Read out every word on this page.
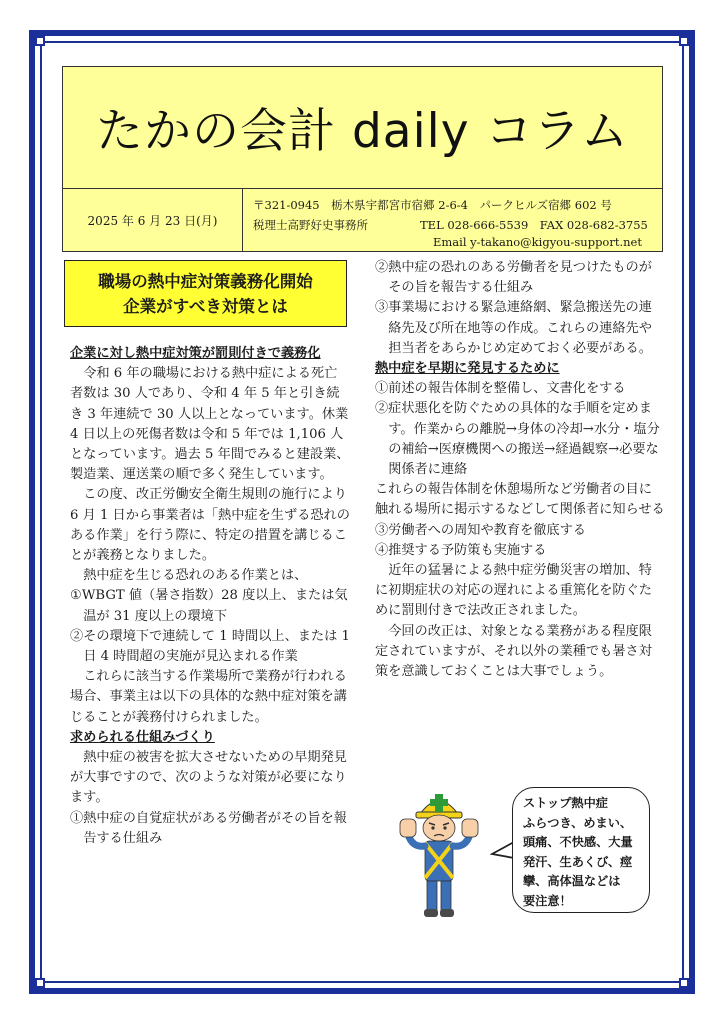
たかの会計 daily コラム
2025 年 6 月 23 日(月)
〒321-0945　栃木県宇都宮市宿郷 2-6-4　パークヒルズ宿郷 602 号
税理士高野好史事務所	TEL 028-666-5539　 FAX 028-682-3755
Email y-takano@kigyou-support.net
職場の熱中症対策義務化開始
企業がすべき対策とは

企業に対し熱中症対策が罰則付きで義務化

令和 6 年の職場における熱中症による死亡者数は 30 人であり、令和 4 年 5 年と引き続き 3 年連続で 30 人以上となっています。休業 4 日以上の死傷者数は令和 5 年では 1,106 人となっています。過去 5 年間でみると建設業、製造業、運送業の順で多く発生しています。

この度、改正労働安全衛生規則の施行により 6 月 1 日から事業者は「熱中症を生ずる恐れのある作業」を行う際に、特定の措置を講じることが義務となりました。

熱中症を生じる恐れのある作業とは、

①WBGT 値（暑さ指数）28 度以上、または気温が 31 度以上の環境下

②その環境下で連続して 1 時間以上、または 1 日 4 時間超の実施が見込まれる作業

これらに該当する作業場所で業務が行われる場合、事業主は以下の具体的な熱中症対策を講じることが義務付けられました。

求められる仕組みづくり

熱中症の被害を拡大させないための早期発見が大事ですので、次のような対策が必要になります。

①熱中症の自覚症状がある労働者がその旨を報告する仕組み

②熱中症の恐れのある労働者を見つけたものがその旨を報告する仕組み

③事業場における緊急連絡網、緊急搬送先の連絡先及び所在地等の作成。これらの連絡先や担当者をあらかじめ定めておく必要がある。

熱中症を早期に発見するために

①前述の報告体制を整備し、文書化をする

②症状悪化を防ぐための具体的な手順を定めます。作業からの離脱→身体の冷却→水分・塩分の補給→医療機関への搬送→経過観察→必要な関係者に連絡

これらの報告体制を休憩場所など労働者の目に触れる場所に掲示するなどして関係者に知らせる

③労働者への周知や教育を徹底する

④推奨する予防策も実施する

近年の猛暑による熱中症労働災害の増加、特に初期症状の対応の遅れによる重篤化を防ぐために罰則付きで法改正されました。

今回の改正は、対象となる業務がある程度限定されていますが、それ以外の業種でも暑さ対策を意識しておくことは大事でしょう。

ストップ熱中症
ふらつき、めまい、
頭痛、不快感、大量
発汗、生あくび、痙
攣、高体温などは
要注意！
